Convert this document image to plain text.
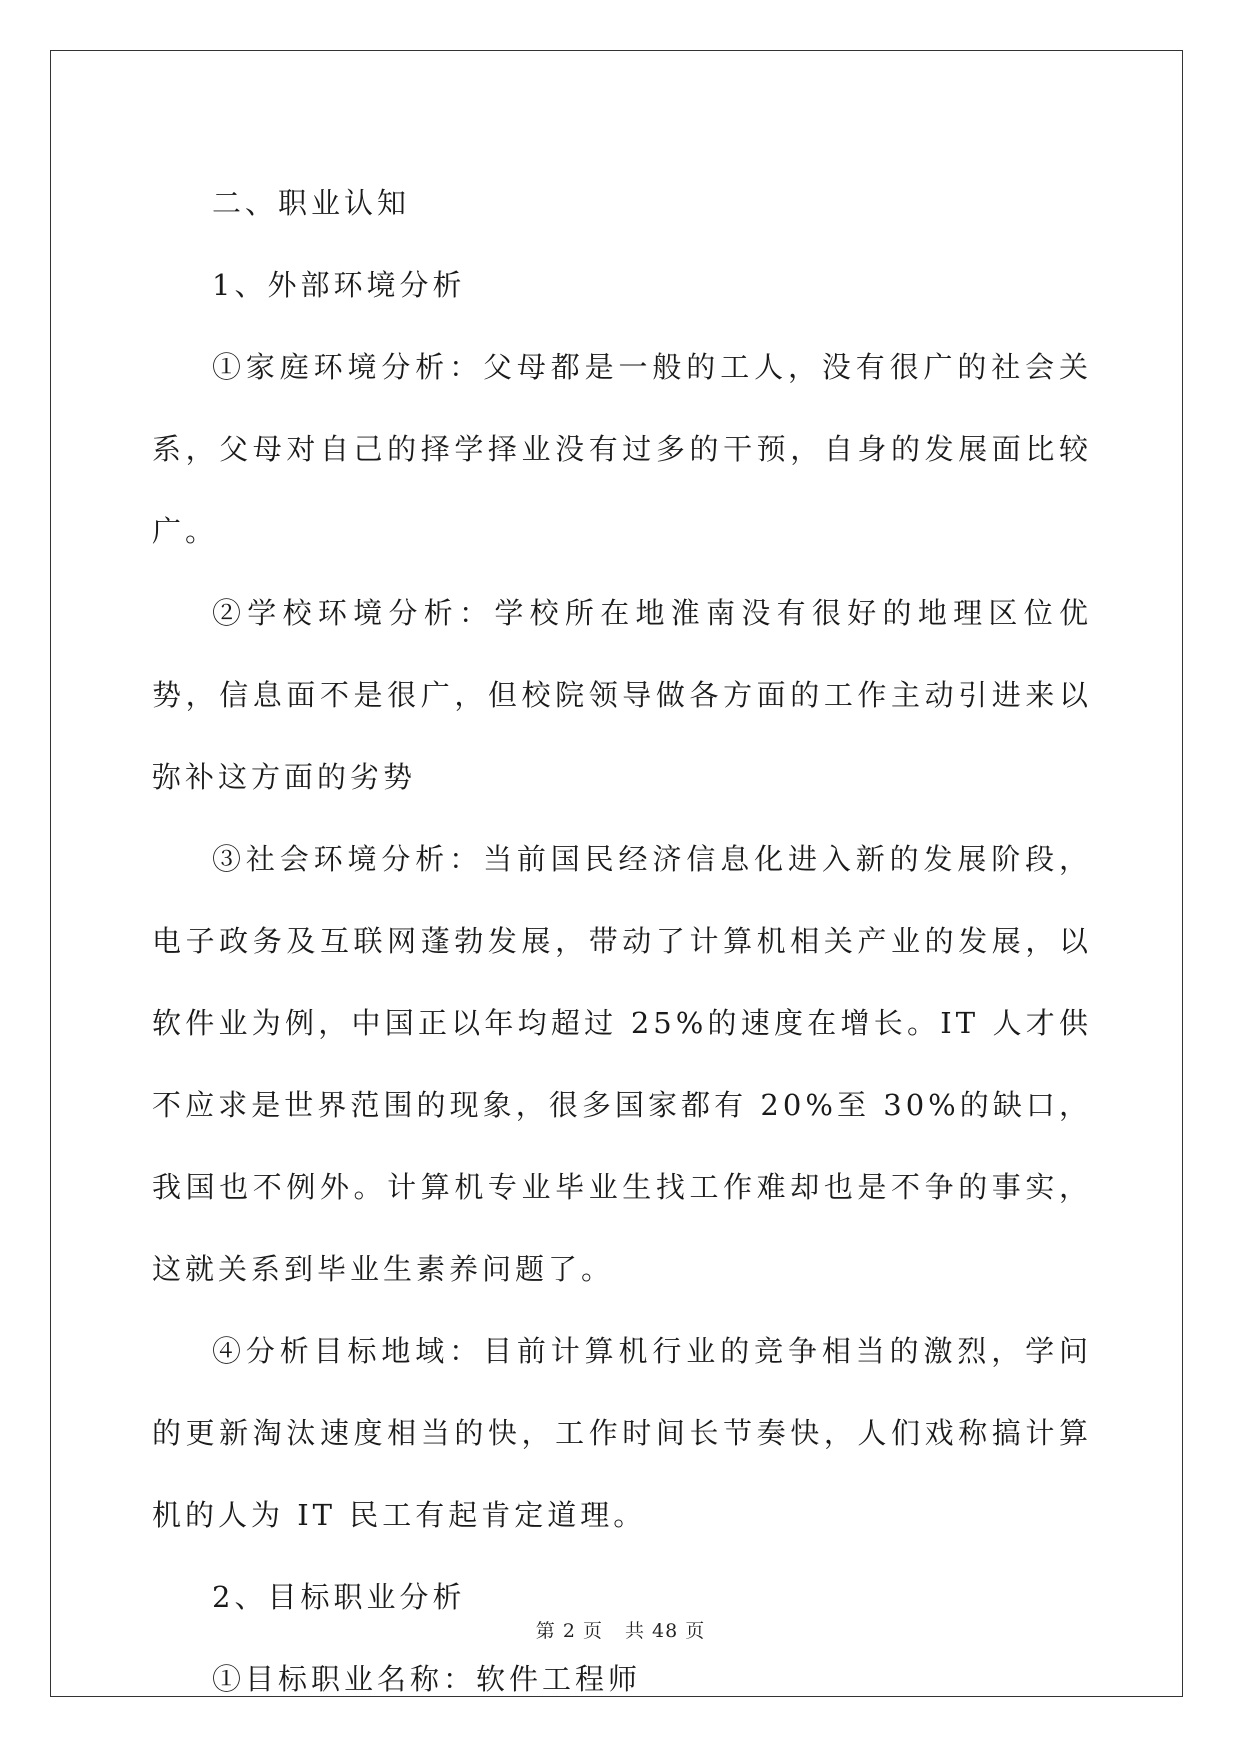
二、职业认知

1、外部环境分析

①家庭环境分析：父母都是一般的工人，没有很广的社会关系，父母对自己的择学择业没有过多的干预，自身的发展面比较广。

②学校环境分析：学校所在地淮南没有很好的地理区位优势，信息面不是很广，但校院领导做各方面的工作主动引进来以弥补这方面的劣势

③社会环境分析：当前国民经济信息化进入新的发展阶段，电子政务及互联网蓬勃发展，带动了计算机相关产业的发展，以软件业为例，中国正以年均超过 25%的速度在增长。IT 人才供不应求是世界范围的现象，很多国家都有 20%至 30%的缺口，我国也不例外。计算机专业毕业生找工作难却也是不争的事实，这就关系到毕业生素养问题了。

④分析目标地域：目前计算机行业的竞争相当的激烈，学问的更新淘汰速度相当的快，工作时间长节奏快，人们戏称搞计算机的人为 IT 民工有起肯定道理。

2、目标职业分析

①目标职业名称：软件工程师

第 2 页 共 48 页
